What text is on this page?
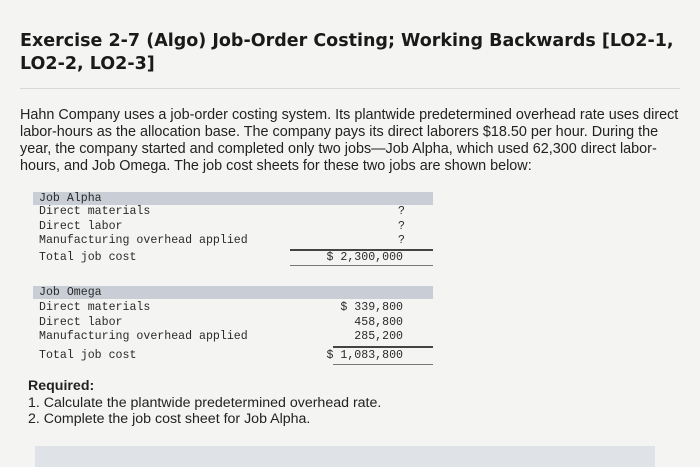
Exercise 2-7 (Algo) Job-Order Costing; Working Backwards [LO2-1, LO2-2, LO2-3]

Hahn Company uses a job-order costing system. Its plantwide predetermined overhead rate uses direct labor-hours as the allocation base. The company pays its direct laborers $18.50 per hour. During the year, the company started and completed only two jobs—Job Alpha, which used 62,300 direct labor-hours, and Job Omega. The job cost sheets for these two jobs are shown below:

Job Alpha
Direct materials	?
Direct labor	?
Manufacturing overhead applied	?
Total job cost	$ 2,300,000
Job Omega
Direct materials	$ 339,800
Direct labor	458,800
Manufacturing overhead applied	285,200
Total job cost	$ 1,083,800
Required:
1. Calculate the plantwide predetermined overhead rate.
2. Complete the job cost sheet for Job Alpha.
